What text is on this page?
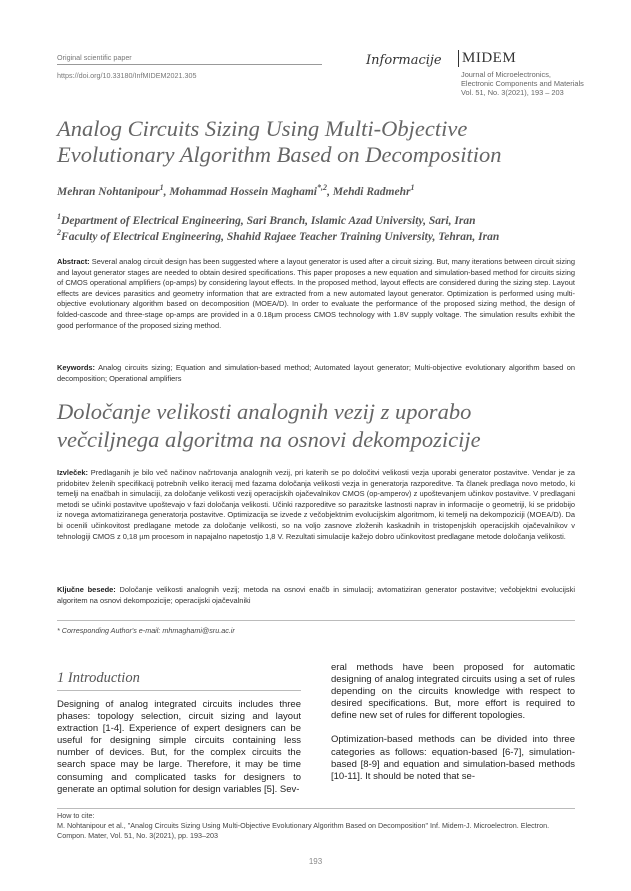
Original scientific paper
https://doi.org/10.33180/InfMIDEM2021.305
Informacije MIDEM
Journal of Microelectronics,
Electronic Components and Materials
Vol. 51, No. 3(2021), 193 – 203
Analog Circuits Sizing Using Multi-Objective Evolutionary Algorithm Based on Decomposition
Mehran Nohtanipour$^1$, Mohammad Hossein Maghami$^{*,2}$, Mehdi Radmehr$^1$
$^1$Department of Electrical Engineering, Sari Branch, Islamic Azad University, Sari, Iran
$^2$Faculty of Electrical Engineering, Shahid Rajaee Teacher Training University, Tehran, Iran
Abstract: Several analog circuit design has been suggested where a layout generator is used after a circuit sizing. But, many iterations between circuit sizing and layout generator stages are needed to obtain desired specifications. This paper proposes a new equation and simulation-based method for circuits sizing of CMOS operational amplifiers (op-amps) by considering layout effects. In the proposed method, layout effects are considered during the sizing step. Layout effects are devices parasitics and geometry information that are extracted from a new automated layout generator. Optimization is performed using multi-objective evolutionary algorithm based on decomposition (MOEA/D). In order to evaluate the performance of the proposed sizing method, the design of folded-cascode and three-stage op-amps are provided in a 0.18µm process CMOS technology with 1.8V supply voltage. The simulation results exhibit the good performance of the proposed sizing method.
Keywords: Analog circuits sizing; Equation and simulation-based method; Automated layout generator; Multi-objective evolutionary algorithm based on decomposition; Operational amplifiers
Določanje velikosti analognih vezij z uporabo večciljnega algoritma na osnovi dekompozicije
Izvleček: Predlaganih je bilo več načinov načrtovanja analognih vezij, pri katerih se po določitvi velikosti vezja uporabi generator postavitve. Vendar je za pridobitev želenih specifikacij potrebnih veliko iteracij med fazama določanja velikosti vezja in generatorja razporeditve. Ta članek predlaga novo metodo, ki temelji na enačbah in simulaciji, za določanje velikosti vezij operacijskih ojačevalnikov CMOS (op-amperov) z upoštevanjem učinkov postavitve. V predlagani metodi se učinki postavitve upoštevajo v fazi določanja velikosti. Učinki razporeditve so parazitske lastnosti naprav in informacije o geometriji, ki se pridobijo iz novega avtomatiziranega generatorja postavitve. Optimizacija se izvede z večobjektnim evolucijskim algoritmom, ki temelji na dekompoziciji (MOEA/D). Da bi ocenili učinkovitost predlagane metode za določanje velikosti, so na voljo zasnove zloženih kaskadnih in tristopenjskih operacijskih ojačevalnikov v tehnologiji CMOS z 0,18 µm procesom in napajalno napetostjo 1,8 V. Rezultati simulacije kažejo dobro učinkovitost predlagane metode določanja velikosti.
Ključne besede: Določanje velikosti analognih vezij; metoda na osnovi enačb in simulacij; avtomatiziran generator postavitve; večobjektni evolucijski algoritem na osnovi dekompozicije; operacijski ojačevalniki
* Corresponding Author's e-mail: mhmaghami@sru.ac.ir
1 Introduction

Designing of analog integrated circuits includes three phases: topology selection, circuit sizing and layout extraction [1-4]. Experience of expert designers can be useful for designing simple circuits containing less number of devices. But, for the complex circuits the search space may be large. Therefore, it may be time consuming and complicated tasks for designers to generate an optimal solution for design variables [5]. Sev-

eral methods have been proposed for automatic designing of analog integrated circuits using a set of rules depending on the circuits knowledge with respect to desired specifications. But, more effort is required to define new set of rules for different topologies.

Optimization-based methods can be divided into three categories as follows: equation-based [6-7], simulation-based [8-9] and equation and simulation-based methods [10-11]. It should be noted that se-

How to cite:
M. Nohtanipour et al., "Analog Circuits Sizing Using Multi-Objective Evolutionary Algorithm Based on Decomposition" Inf. Midem-J. Microelectron. Electron. Compon. Mater, Vol. 51, No. 3(2021), pp. 193–203
193
